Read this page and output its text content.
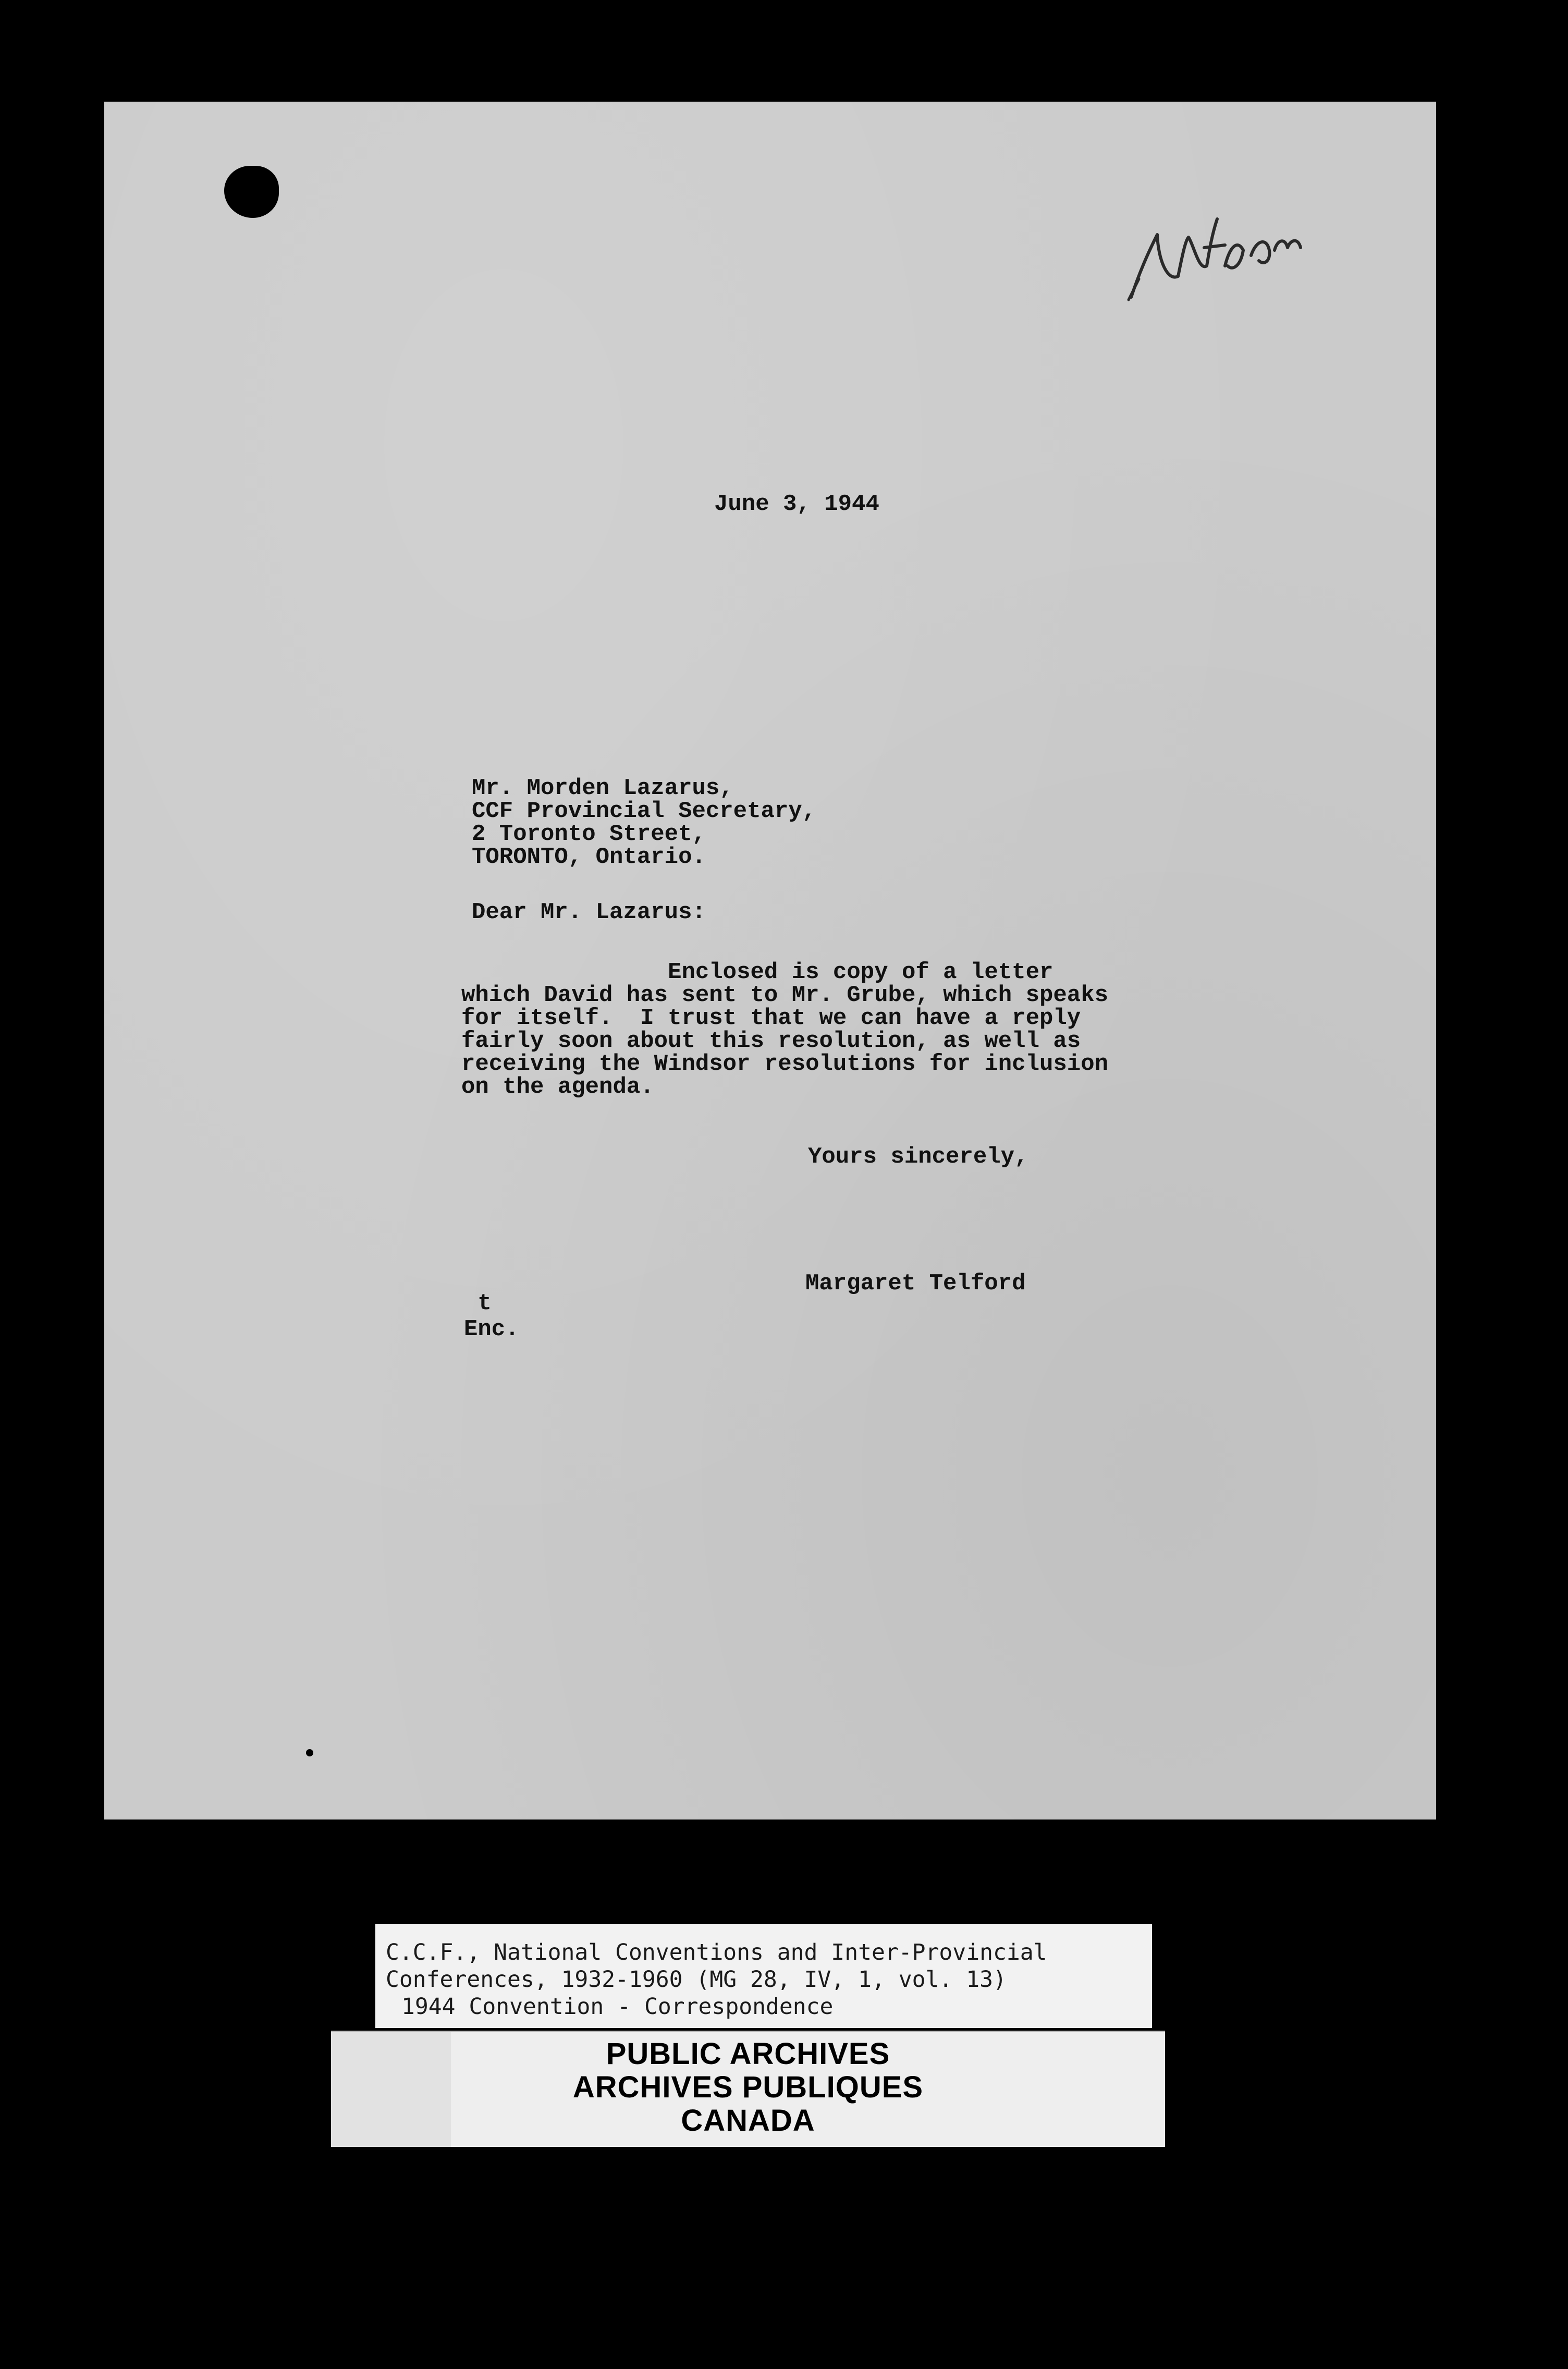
June 3, 1944
Mr. Morden Lazarus,
CCF Provincial Secretary,
2 Toronto Street,
TORONTO, Ontario.
Dear Mr. Lazarus:
Enclosed is copy of a letter
which David has sent to Mr. Grube, which speaks
for itself.  I trust that we can have a reply
fairly soon about this resolution, as well as
receiving the Windsor resolutions for inclusion
on the agenda.
Yours sincerely,
Margaret Telford
t
Enc.
C.C.F., National Conventions and Inter-Provincial
Conferences, 1932-1960 (MG 28, IV, 1, vol. 13)
1944 Convention - Correspondence
PUBLIC ARCHIVES
ARCHIVES PUBLIQUES
CANADA
